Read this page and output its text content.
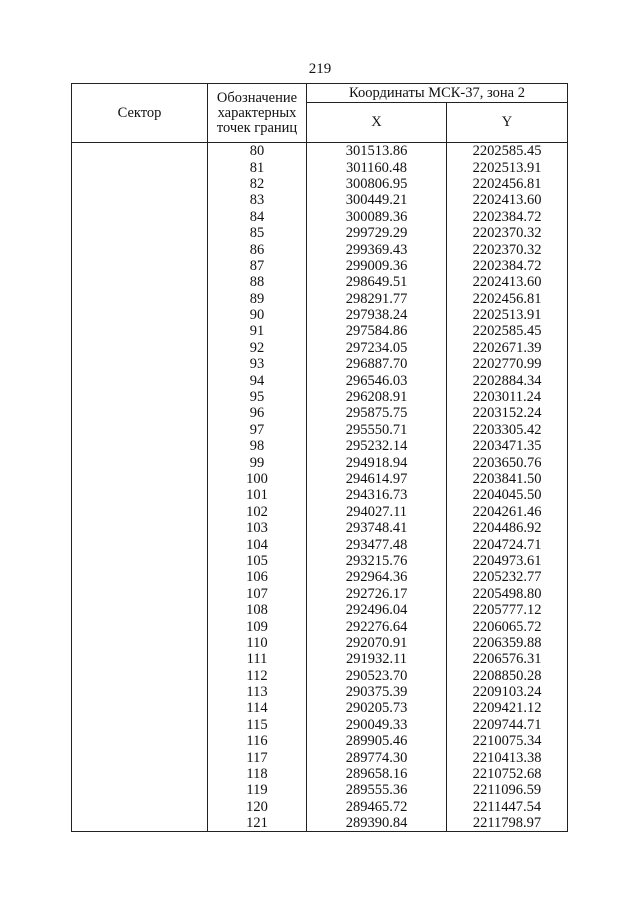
219
Сектор	Обозначение характерных точек границ	Координаты МСК-37, зона 2	
		X	Y
	80	301513.86	2202585.45
	81	301160.48	2202513.91
	82	300806.95	2202456.81
	83	300449.21	2202413.60
	84	300089.36	2202384.72
	85	299729.29	2202370.32
	86	299369.43	2202370.32
	87	299009.36	2202384.72
	88	298649.51	2202413.60
	89	298291.77	2202456.81
	90	297938.24	2202513.91
	91	297584.86	2202585.45
	92	297234.05	2202671.39
	93	296887.70	2202770.99
	94	296546.03	2202884.34
	95	296208.91	2203011.24
	96	295875.75	2203152.24
	97	295550.71	2203305.42
	98	295232.14	2203471.35
	99	294918.94	2203650.76
	100	294614.97	2203841.50
	101	294316.73	2204045.50
	102	294027.11	2204261.46
	103	293748.41	2204486.92
	104	293477.48	2204724.71
	105	293215.76	2204973.61
	106	292964.36	2205232.77
	107	292726.17	2205498.80
	108	292496.04	2205777.12
	109	292276.64	2206065.72
	110	292070.91	2206359.88
	111	291932.11	2206576.31
	112	290523.70	2208850.28
	113	290375.39	2209103.24
	114	290205.73	2209421.12
	115	290049.33	2209744.71
	116	289905.46	2210075.34
	117	289774.30	2210413.38
	118	289658.16	2210752.68
	119	289555.36	2211096.59
	120	289465.72	2211447.54
	121	289390.84	2211798.97
